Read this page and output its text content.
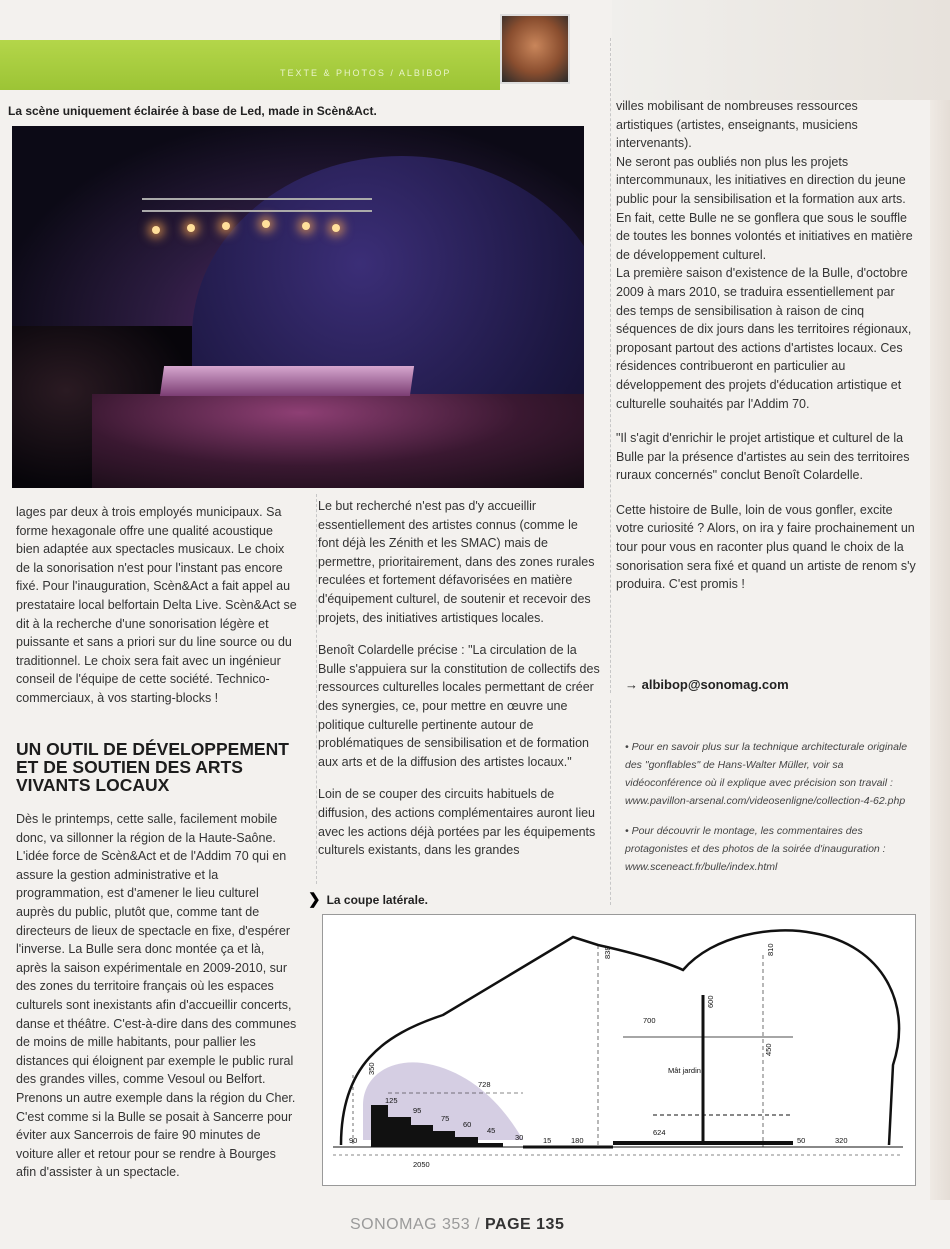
TEXTE & PHOTOS / ALBIBOP
La scène uniquement éclairée à base de Led, made in Scèn&Act.

lages par deux à trois employés municipaux. Sa forme hexagonale offre une qualité acoustique bien adaptée aux spectacles musicaux. Le choix de la sonorisation n'est pour l'instant pas encore fixé. Pour l'inauguration, Scèn&Act a fait appel au prestataire local belfortain Delta Live. Scèn&Act se dit à la recherche d'une sonorisation légère et puissante et sans a priori sur du line source ou du traditionnel. Le choix sera fait avec un ingénieur conseil de l'équipe de cette société. Technico-commerciaux, à vos starting-blocks !

UN OUTIL DE DÉVELOPPEMENT ET DE SOUTIEN DES ARTS VIVANTS LOCAUX

Dès le printemps, cette salle, facilement mobile donc, va sillonner la région de la Haute-Saône. L'idée force de Scèn&Act et de l'Addim 70 qui en assure la gestion administrative et la programmation, est d'amener le lieu culturel auprès du public, plutôt que, comme tant de directeurs de lieux de spectacle en fixe, d'espérer l'inverse. La Bulle sera donc montée ça et là, après la saison expérimentale en 2009-2010, sur des zones du territoire français où les espaces culturels sont inexistants afin d'accueillir concerts, danse et théâtre. C'est-à-dire dans des communes de moins de mille habitants, pour pallier les distances qui éloignent par exemple le public rural des grandes villes, comme Vesoul ou Belfort. Prenons un autre exemple dans la région du Cher. C'est comme si la Bulle se posait à Sancerre pour éviter aux Sancerrois de faire 90 minutes de voiture aller et retour pour se rendre à Bourges afin d'assister à un spectacle.

Le but recherché n'est pas d'y accueillir essentiellement des artistes connus (comme le font déjà les Zénith et les SMAC) mais de permettre, prioritairement, dans des zones rurales reculées et fortement défavorisées en matière d'équipement culturel, de soutenir et recevoir des projets, des initiatives artistiques locales.

Benoît Colardelle précise : "La circulation de la Bulle s'appuiera sur la constitution de collectifs des ressources culturelles locales permettant de créer des synergies, ce, pour mettre en œuvre une politique culturelle pertinente autour de problématiques de sensibilisation et de formation aux arts et de la diffusion des artistes locaux."

Loin de se couper des circuits habituels de diffusion, des actions complémentaires auront lieu avec les actions déjà portées par les équipements culturels existants, dans les grandes

villes mobilisant de nombreuses ressources artistiques (artistes, enseignants, musiciens intervenants).
Ne seront pas oubliés non plus les projets intercommunaux, les initiatives en direction du jeune public pour la sensibilisation et la formation aux arts.
En fait, cette Bulle ne se gonflera que sous le souffle de toutes les bonnes volontés et initiatives en matière de développement culturel.
La première saison d'existence de la Bulle, d'octobre 2009 à mars 2010, se traduira essentiellement par des temps de sensibilisation à raison de cinq séquences de dix jours dans les territoires régionaux, proposant partout des actions d'artistes locaux. Ces résidences contribueront en particulier au développement des projets d'éducation artistique et culturelle souhaités par l'Addim 70.

"Il s'agit d'enrichir le projet artistique et culturel de la Bulle par la présence d'artistes au sein des territoires ruraux concernés" conclut Benoît Colardelle.

Cette histoire de Bulle, loin de vous gonfler, excite votre curiosité ? Alors, on ira y faire prochainement un tour pour vous en raconter plus quand le choix de la sonorisation sera fixé et quand un artiste de renom s'y produira. C'est promis !

→ albibop@sonomag.com

• Pour en savoir plus sur la technique architecturale originale des "gonflables" de Hans-Walter Müller, voir sa vidéoconférence où il explique avec précision son travail : www.pavillon-arsenal.com/videosenligne/collection-4-62.php

• Pour découvrir le montage, les commentaires des protagonistes et des photos de la soirée d'inauguration : www.sceneact.fr/bulle/index.html

❯ La coupe latérale.
838	810
600
700
450
Mât jardin
728
350
125
95
75
60
45
30	15	180
624
50	320
90
2050
SONOMAG 353 / PAGE 135
